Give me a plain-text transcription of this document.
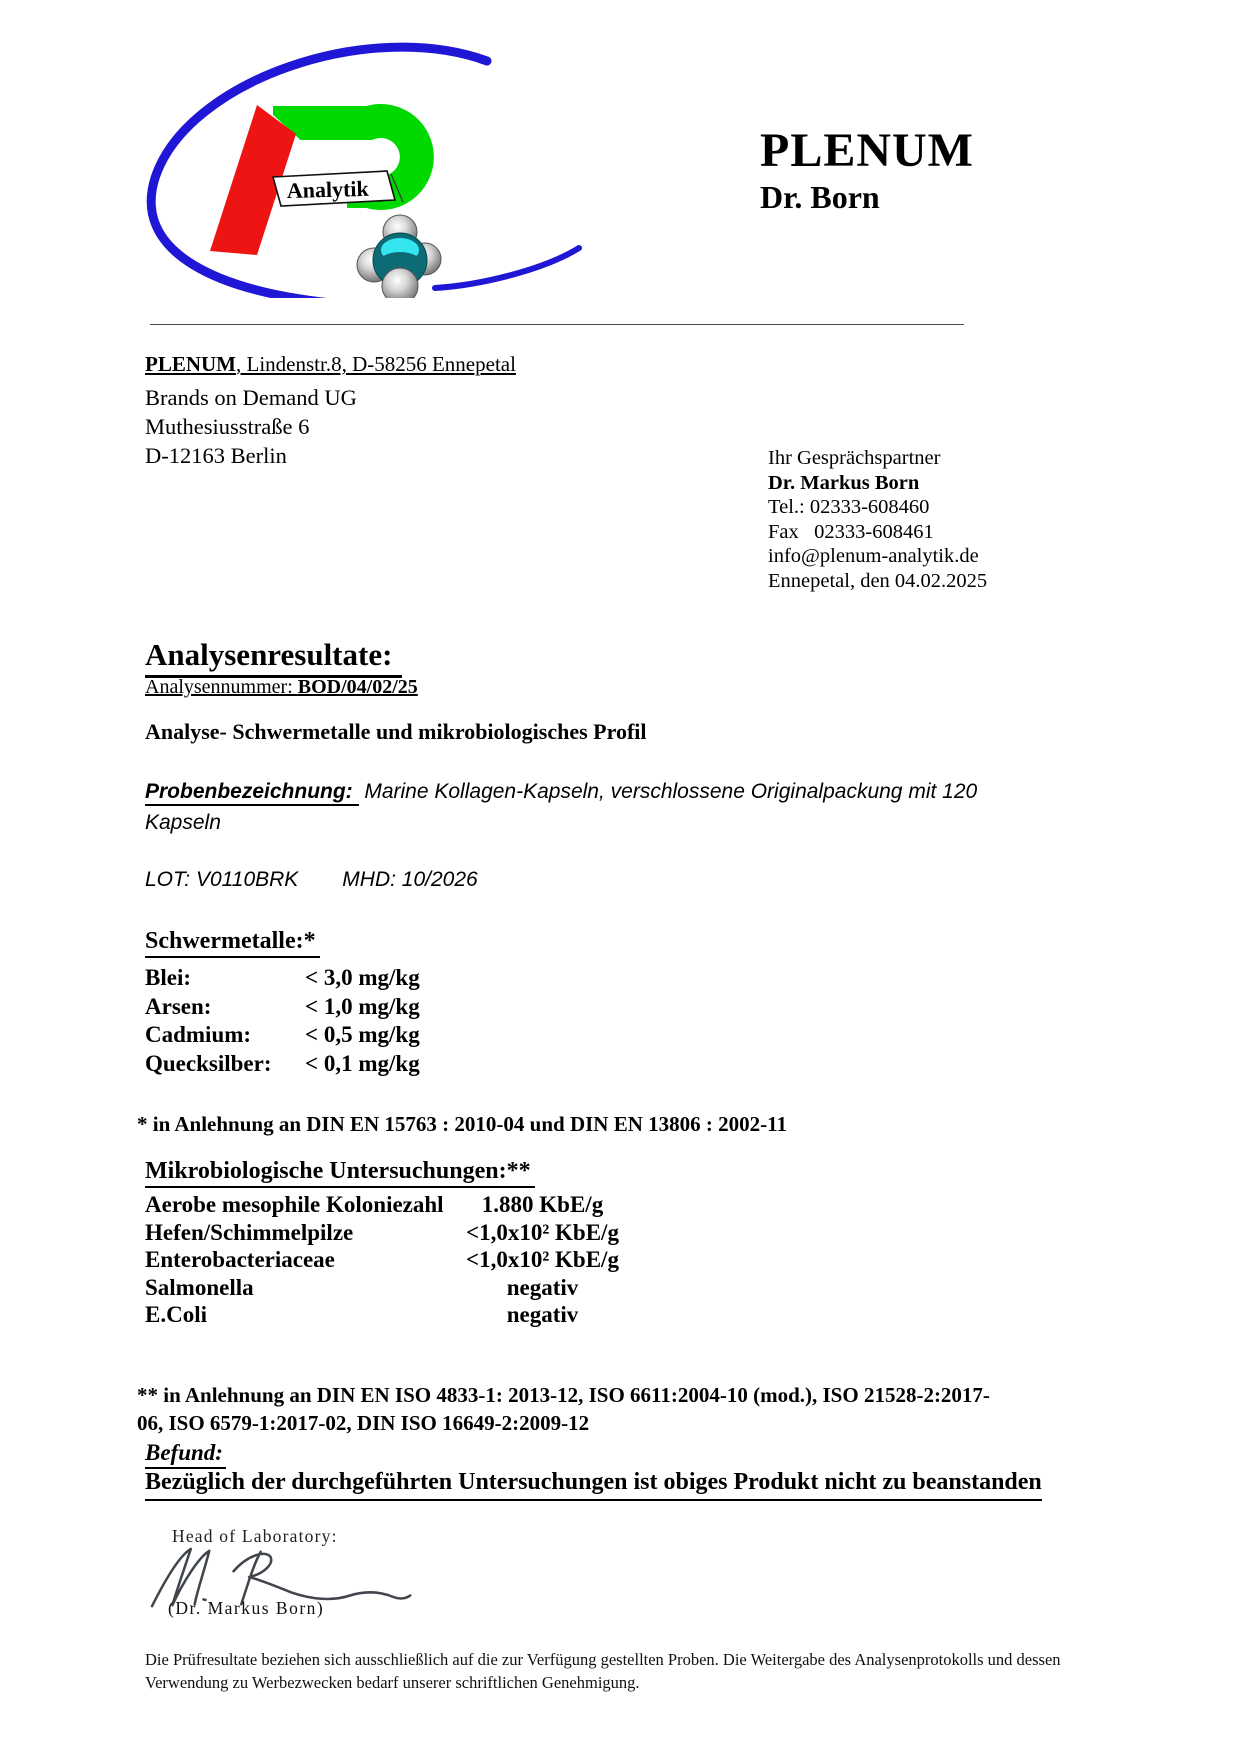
Analytik
PLENUM
Dr. Born
PLENUM, Lindenstr.8, D-58256 Ennepetal
Brands on Demand UG
Muthesiusstraße 6
D-12163 Berlin	Ihr Gesprächspartner
Dr. Markus Born
Tel.: 02333-608460
Fax   02333-608461
info@plenum-analytik.de
Ennepetal, den 04.02.2025
Analysenresultate:
Analysennummer: BOD/04/02/25
Analyse- Schwermetalle und mikrobiologisches Profil
Probenbezeichnung:  Marine Kollagen-Kapseln, verschlossene Originalpackung mit 120
Kapseln
LOT: V0110BRK MHD: 10/2026
Schwermetalle:*
Blei:	< 3,0 mg/kg
Arsen:	< 1,0 mg/kg
Cadmium:	< 0,5 mg/kg
Quecksilber:	< 0,1 mg/kg
* in Anlehnung an DIN EN 15763 : 2010-04 und DIN EN 13806 : 2002-11
Mikrobiologische Untersuchungen:**
Aerobe mesophile Koloniezahl	1.880 KbE/g
Hefen/Schimmelpilze	<1,0x10² KbE/g
Enterobacteriaceae	<1,0x10² KbE/g
Salmonella	negativ
E.Coli	negativ
** in Anlehnung an DIN EN ISO 4833-1: 2013-12, ISO 6611:2004-10 (mod.), ISO 21528-2:2017-
06, ISO 6579-1:2017-02, DIN ISO 16649-2:2009-12
Befund:
Bezüglich der durchgeführten Untersuchungen ist obiges Produkt nicht zu beanstanden
Head of Laboratory:
(Dr. Markus Born)
Die Prüfresultate beziehen sich ausschließlich auf die zur Verfügung gestellten Proben. Die Weitergabe des Analysenprotokolls und dessen
Verwendung zu Werbezwecken bedarf unserer schriftlichen Genehmigung.
